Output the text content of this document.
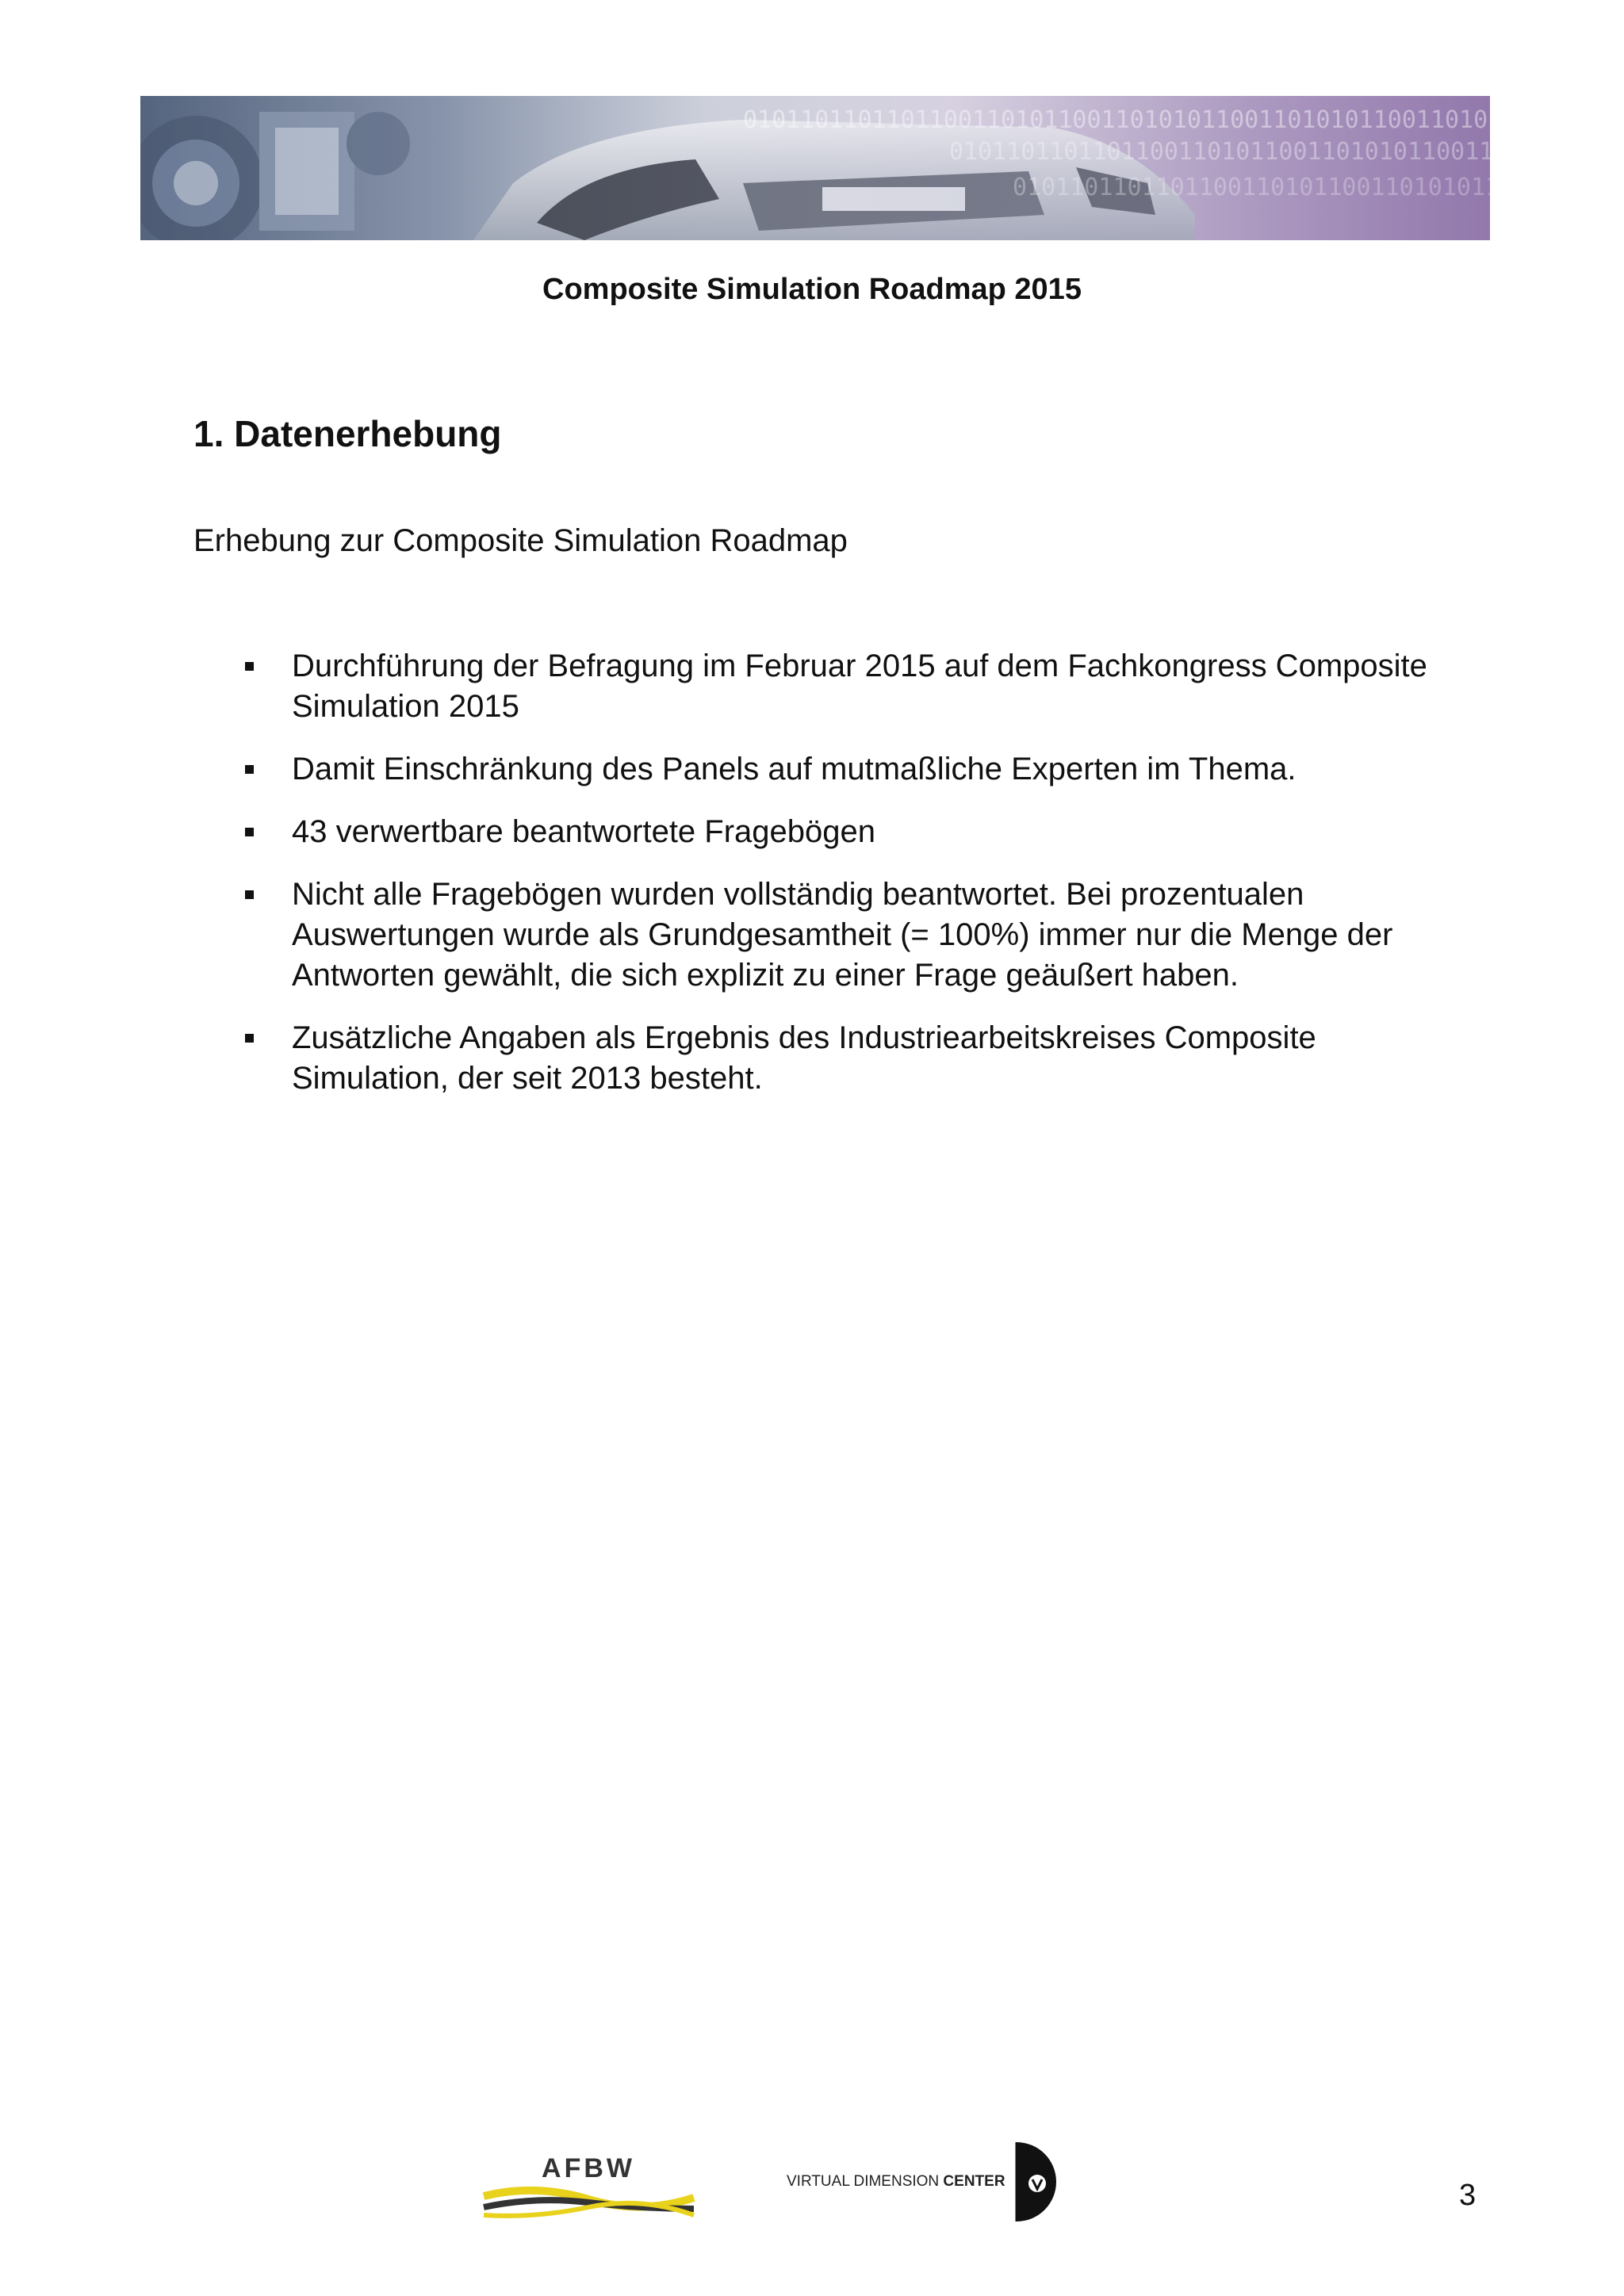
Composite Simulation Roadmap 2015
1. Datenerhebung
Erhebung zur Composite Simulation Roadmap
Durchführung der Befragung im Februar 2015 auf dem Fachkongress Composite Simulation 2015
Damit Einschränkung des Panels auf mutmaßliche Experten im Thema.
43 verwertbare beantwortete Fragebögen
Nicht alle Fragebögen wurden vollständig beantwortet. Bei prozentualen Auswertungen wurde als Grundgesamtheit (= 100%) immer nur die Menge der Antworten gewählt, die sich explizit zu einer Frage geäußert haben.
Zusätzliche Angaben als Ergebnis des Industriearbeitskreises Composite Simulation, der seit 2013 besteht.
AFBW	VIRTUAL DIMENSION CENTER	3
